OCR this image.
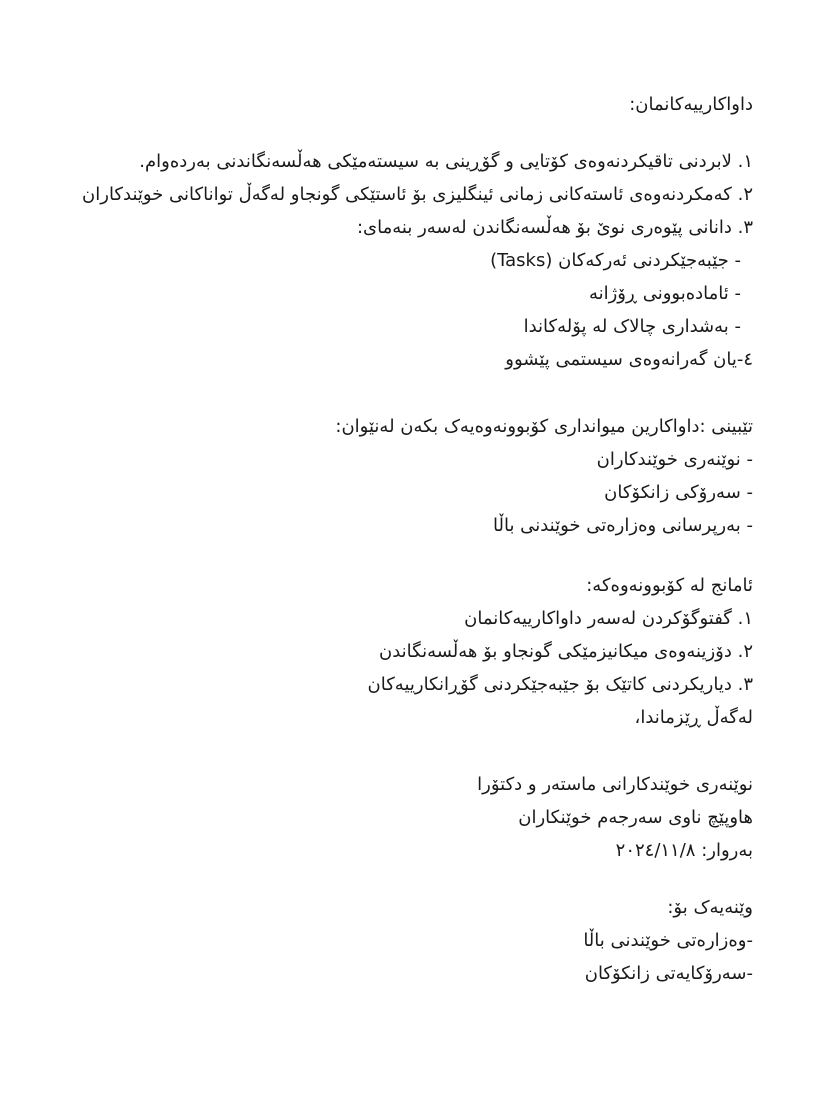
داواکارییەکانمان:
١. لابردنی تاقیکردنەوەی کۆتایی و گۆڕینی بە سیستەمێکی هەڵسەنگاندنی بەردەوام.
٢. کەمکردنەوەی ئاستەکانی زمانی ئینگلیزی بۆ ئاستێکی گونجاو لەگەڵ تواناکانی خوێندکاران
٣. دانانی پێوەری نوێ بۆ هەڵسەنگاندن لەسەر بنەمای:
- جێبەجێکردنی ئەرکەکان (Tasks)
- ئامادەبوونی ڕۆژانە
- بەشداری چالاک لە پۆلەکاندا
٤-یان گەرانەوەی سیستمی پێشوو
تێبینی :داواکارین میوانداری کۆبوونەوەیەک بکەن لەنێوان:
- نوێنەری خوێندکاران
- سەرۆکی زانکۆکان
- بەرپرسانی وەزارەتی خوێندنی باڵا
ئامانج لە کۆبوونەوەکە:
١. گفتوگۆکردن لەسەر داواکارییەکانمان
٢. دۆزینەوەی میکانیزمێکی گونجاو بۆ هەڵسەنگاندن
٣. دیاریکردنی کاتێک بۆ جێبەجێکردنی گۆڕانکارییەکان
لەگەڵ ڕێزماندا،
نوێنەری خوێندکارانی ماستەر و دکتۆرا
هاوپێچ ناوی سەرجەم خوێنکاران
بەروار: ٢٠٢٤/١١/٨
وێنەیەک بۆ:
-وەزارەتی خوێندنی باڵا
-سەرۆکایەتی زانکۆکان
